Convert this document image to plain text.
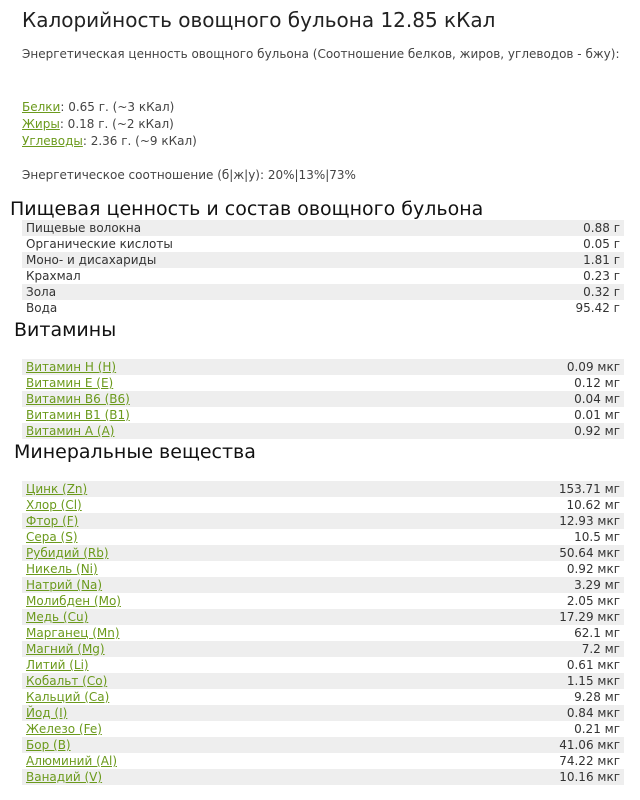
Калорийность овощного бульона 12.85 кКал

Энергетическая ценность овощного бульона (Соотношение белков, жиров, углеводов - бжу):

Белки: 0.65 г. (~3 кКал)
Жиры: 0.18 г. (~2 кКал)
Углеводы: 2.36 г. (~9 кКал)
Энергетическое соотношение (б|ж|у): 20%|13%|73%
Пищевая ценность и состав овощного бульона
Пищевые волокна	0.88 г
Органические кислоты	0.05 г
Моно- и дисахариды	1.81 г
Крахмал	0.23 г
Зола	0.32 г
Вода	95.42 г
Витамины
Витамин H (H)	0.09 мкг
Витамин E (E)	0.12 мг
Витамин B6 (B6)	0.04 мг
Витамин B1 (B1)	0.01 мг
Витамин A (A)	0.92 мг
Минеральные вещества
Цинк (Zn)	153.71 мг
Хлор (Cl)	10.62 мг
Фтор (F)	12.93 мкг
Сера (S)	10.5 мг
Рубидий (Rb)	50.64 мкг
Никель (Ni)	0.92 мкг
Натрий (Na)	3.29 мг
Молибден (Mo)	2.05 мкг
Медь (Cu)	17.29 мкг
Марганец (Mn)	62.1 мг
Магний (Mg)	7.2 мг
Литий (Li)	0.61 мкг
Кобальт (Co)	1.15 мкг
Кальций (Ca)	9.28 мг
Йод (I)	0.84 мкг
Железо (Fe)	0.21 мг
Бор (B)	41.06 мкг
Алюминий (Al)	74.22 мкг
Ванадий (V)	10.16 мкг
